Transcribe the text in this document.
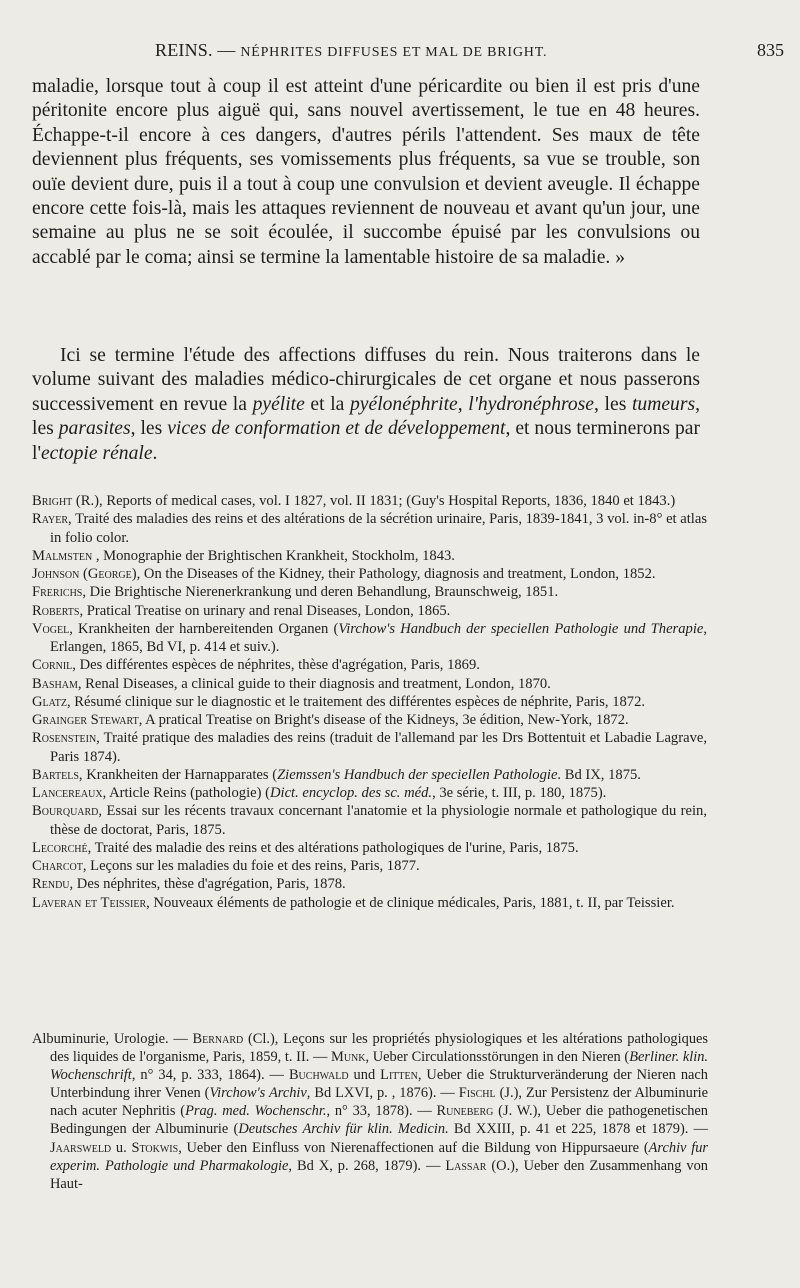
REINS. — NÉPHRITES DIFFUSES ET MAL DE BRIGHT.	835
maladie, lorsque tout à coup il est atteint d'une péricardite ou bien il est pris d'une péritonite encore plus aiguë qui, sans nouvel avertissement, le tue en 48 heures. Échappe-t-il encore à ces dangers, d'autres périls l'attendent. Ses maux de tête deviennent plus fréquents, ses vomissements plus fréquents, sa vue se trouble, son ouïe devient dure, puis il a tout à coup une convulsion et devient aveugle. Il échappe encore cette fois-là, mais les attaques reviennent de nouveau et avant qu'un jour, une semaine au plus ne se soit écoulée, il succombe épuisé par les convulsions ou accablé par le coma; ainsi se termine la lamentable histoire de sa maladie. »
Ici se termine l'étude des affections diffuses du rein. Nous traiterons dans le volume suivant des maladies médico-chirurgicales de cet organe et nous passerons successivement en revue la pyélite et la pyélonéphrite, l'hydronéphrose, les tumeurs, les parasites, les vices de conformation et de développement, et nous terminerons par l'ectopie rénale.
Bright (R.), Reports of medical cases, vol. I 1827, vol. II 1831; (Guy's Hospital Reports, 1836, 1840 et 1843.)
Rayer, Traité des maladies des reins et des altérations de la sécrétion urinaire, Paris, 1839-1841, 3 vol. in-8° et atlas in folio color.
Malmsten , Monographie der Brightischen Krankheit, Stockholm, 1843.
Johnson (George), On the Diseases of the Kidney, their Pathology, diagnosis and treatment, London, 1852.
Frerichs, Die Brightische Nierenerkrankung und deren Behandlung, Braunschweig, 1851.
Roberts, Pratical Treatise on urinary and renal Diseases, London, 1865.
Vogel, Krankheiten der harnbereitenden Organen (Virchow's Handbuch der speciellen Pathologie und Therapie, Erlangen, 1865, Bd VI, p. 414 et suiv.).
Cornil, Des différentes espèces de néphrites, thèse d'agrégation, Paris, 1869.
Basham, Renal Diseases, a clinical guide to their diagnosis and treatment, London, 1870.
Glatz, Résumé clinique sur le diagnostic et le traitement des différentes espèces de néphrite, Paris, 1872.
Grainger Stewart, A pratical Treatise on Bright's disease of the Kidneys, 3e édition, New-York, 1872.
Rosenstein, Traité pratique des maladies des reins (traduit de l'allemand par les Drs Bottentuit et Labadie Lagrave, Paris 1874).
Bartels, Krankheiten der Harnapparates (Ziemssen's Handbuch der speciellen Pathologie. Bd IX, 1875.
Lancereaux, Article Reins (pathologie) (Dict. encyclop. des sc. méd., 3e série, t. III, p. 180, 1875).
Bourquard, Essai sur les récents travaux concernant l'anatomie et la physiologie normale et pathologique du rein, thèse de doctorat, Paris, 1875.
Lecorché, Traité des maladie des reins et des altérations pathologiques de l'urine, Paris, 1875.
Charcot, Leçons sur les maladies du foie et des reins, Paris, 1877.
Rendu, Des néphrites, thèse d'agrégation, Paris, 1878.
Laveran et Teissier, Nouveaux éléments de pathologie et de clinique médicales, Paris, 1881, t. II, par Teissier.
Albuminurie, Urologie. — Bernard (Cl.), Leçons sur les propriétés physiologiques et les altérations pathologiques des liquides de l'organisme, Paris, 1859, t. II. — Munk, Ueber Circulationsstörungen in den Nieren (Berliner. klin. Wochenschrift, n° 34, p. 333, 1864). — Buchwald und Litten, Ueber die Strukturveränderung der Nieren nach Unterbindung ihrer Venen (Virchow's Archiv, Bd LXVI, p. , 1876). — Fischl (J.), Zur Persistenz der Albuminurie nach acuter Nephritis (Prag. med. Wochenschr., n° 33, 1878). — Runeberg (J. W.), Ueber die pathogenetischen Bedingungen der Albuminurie (Deutsches Archiv für klin. Medicin. Bd XXIII, p. 41 et 225, 1878 et 1879). — Jaarsweld u. Stokwis, Ueber den Einfluss von Nierenaffectionen auf die Bildung von Hippursaeure (Archiv fur experim. Pathologie und Pharmakologie, Bd X, p. 268, 1879). — Lassar (O.), Ueber den Zusammenhang von Haut-
